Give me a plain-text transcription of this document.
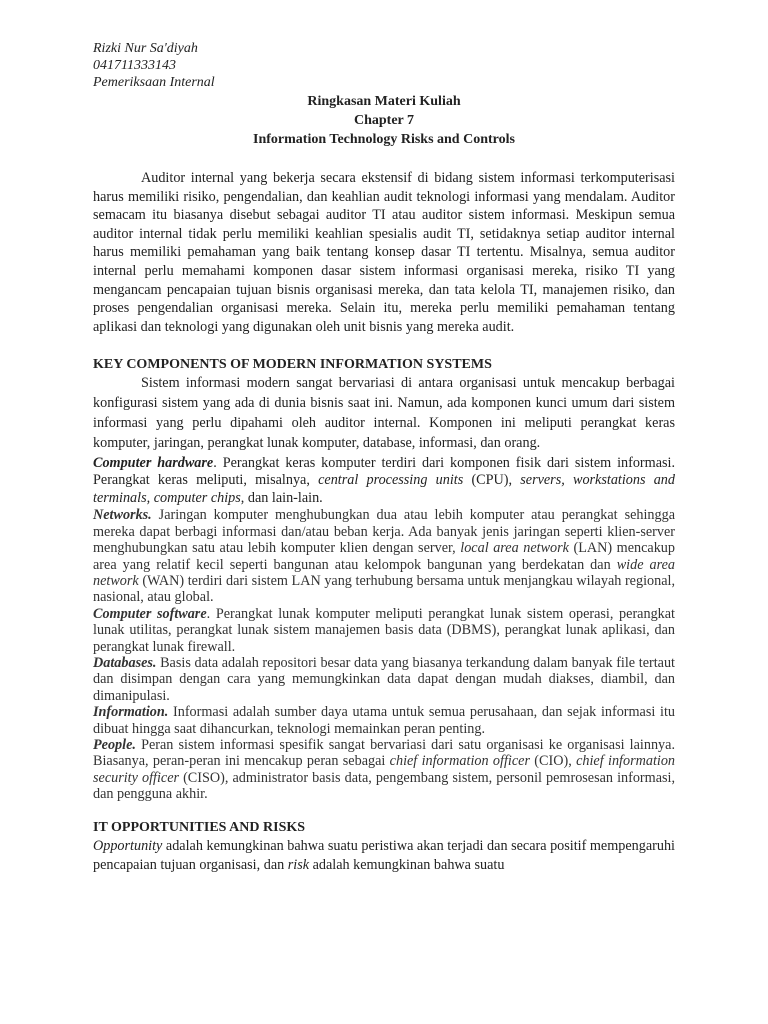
Rizki Nur Sa'diyah
041711333143
Pemeriksaan Internal
Ringkasan Materi Kuliah
Chapter 7
Information Technology Risks and Controls

Auditor internal yang bekerja secara ekstensif di bidang sistem informasi terkomputerisasi harus memiliki risiko, pengendalian, dan keahlian audit teknologi informasi yang mendalam. Auditor semacam itu biasanya disebut sebagai auditor TI atau auditor sistem informasi. Meskipun semua auditor internal tidak perlu memiliki keahlian spesialis audit TI, setidaknya setiap auditor internal harus memiliki pemahaman yang baik tentang konsep dasar TI tertentu. Misalnya, semua auditor internal perlu memahami komponen dasar sistem informasi organisasi mereka, risiko TI yang mengancam pencapaian tujuan bisnis organisasi mereka, dan tata kelola TI, manajemen risiko, dan proses pengendalian organisasi mereka. Selain itu, mereka perlu memiliki pemahaman tentang aplikasi dan teknologi yang digunakan oleh unit bisnis yang mereka audit.

KEY COMPONENTS OF MODERN INFORMATION SYSTEMS

Sistem informasi modern sangat bervariasi di antara organisasi untuk mencakup berbagai konfigurasi sistem yang ada di dunia bisnis saat ini. Namun, ada komponen kunci umum dari sistem informasi yang perlu dipahami oleh auditor internal. Komponen ini meliputi perangkat keras komputer, jaringan, perangkat lunak komputer, database, informasi, dan orang.

Computer hardware. Perangkat keras komputer terdiri dari komponen fisik dari sistem informasi. Perangkat keras meliputi, misalnya, central processing units (CPU), servers, workstations and terminals, computer chips, dan lain-lain.

Networks. Jaringan komputer menghubungkan dua atau lebih komputer atau perangkat sehingga mereka dapat berbagi informasi dan/atau beban kerja. Ada banyak jenis jaringan seperti klien-server menghubungkan satu atau lebih komputer klien dengan server, local area network (LAN) mencakup area yang relatif kecil seperti bangunan atau kelompok bangunan yang berdekatan dan wide area network (WAN) terdiri dari sistem LAN yang terhubung bersama untuk menjangkau wilayah regional, nasional, atau global.

Computer software. Perangkat lunak komputer meliputi perangkat lunak sistem operasi, perangkat lunak utilitas, perangkat lunak sistem manajemen basis data (DBMS), perangkat lunak aplikasi, dan perangkat lunak firewall.

Databases. Basis data adalah repositori besar data yang biasanya terkandung dalam banyak file tertaut dan disimpan dengan cara yang memungkinkan data dapat dengan mudah diakses, diambil, dan dimanipulasi.

Information. Informasi adalah sumber daya utama untuk semua perusahaan, dan sejak informasi itu dibuat hingga saat dihancurkan, teknologi memainkan peran penting.

People. Peran sistem informasi spesifik sangat bervariasi dari satu organisasi ke organisasi lainnya. Biasanya, peran-peran ini mencakup peran sebagai chief information officer (CIO), chief information security officer (CISO), administrator basis data, pengembang sistem, personil pemrosesan informasi, dan pengguna akhir.

IT OPPORTUNITIES AND RISKS

Opportunity adalah kemungkinan bahwa suatu peristiwa akan terjadi dan secara positif mempengaruhi pencapaian tujuan organisasi, dan risk adalah kemungkinan bahwa suatu
